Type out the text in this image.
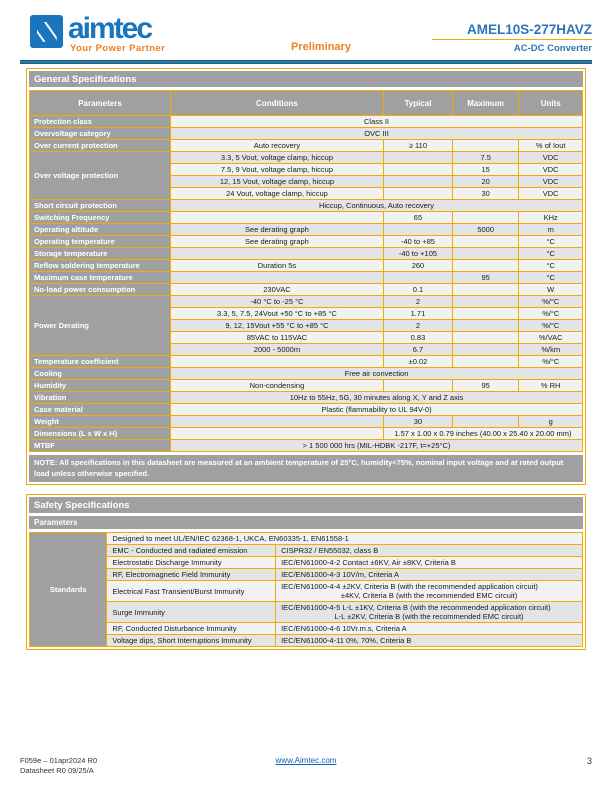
aimtec
Your Power Partner	Preliminary
AMEL10S-277HAVZ
AC-DC Converter
General Specifications
Parameters	Conditions	Typical	Maximum	Units
Protection class	Class II			
Overvoltage category	OVC III			
Over current protection	Auto recovery	≥ 110		% of Iout
Over voltage protection	3.3, 5 Vout, voltage clamp, hiccup		7.5	VDC
	7.5, 9 Vout, voltage clamp, hiccup		15	VDC
	12, 15 Vout, voltage clamp, hiccup		20	VDC
	24 Vout, voltage clamp, hiccup		30	VDC
Short circuit protection	Hiccup, Continuous, Auto recovery			
Switching Frequency		65		KHz
Operating altitude	See derating graph		5000	m
Operating temperature	See derating graph	-40 to +85		°C
Storage temperature		-40 to +105		°C
Reflow soldering temperature	Duration 5s	260		°C
Maximum case temperature			95	°C
No-load power consumption	230VAC	0.1		W
Power Derating	-40 °C to -25 °C	2		%/°C
	3.3, 5, 7.5, 24Vout +50 °C to +85 °C	1.71		%/°C
	9, 12, 15Vout +55 °C to +85 °C	2		%/°C
	85VAC to 115VAC	0.83		%/VAC
	2000 - 5000m	6.7		%/km
Temperature coefficient		±0.02		%/°C
Cooling	Free air convection			
Humidity	Non-condensing		95	% RH
Vibration	10Hz to 55Hz, 5G, 30 minutes along X, Y and Z axis			
Case material	Plastic (flammability to UL 94V-0)			
Weight		30		g
Dimensions (L x W x H)		1.57 x 1.00 x 0.79 inches (40.00 x 25.40 x 20.00 mm)		
MTBF	> 1 500 000 hrs (MIL-HDBK -217F, t=+25°C)			
NOTE: All specifications in this datasheet are measured at an ambient temperature of 25°C, humidity<75%, nominal input voltage and at rated output load unless otherwise specified.
Safety Specifications
Parameters
Standards	Designed to meet UL/EN/IEC 62368-1, UKCA, EN60335-1, EN61558-1	
	EMC - Conducted and radiated emission	CISPR32 / EN55032, class B
	Electrostatic Discharge Immunity	IEC/EN61000-4-2 Contact ±6KV, Air ±8KV, Criteria B
	RF, Electromagnetic Field Immunity	IEC/EN61000-4-3 10V/m, Criteria A
	Electrical Fast Transient/Burst Immunity	IEC/EN61000-4-4 ±2KV, Criteria B (with the recommended application circuit)
±4KV, Criteria B (with the recommended EMC circuit)

	Surge Immunity	IEC/EN61000-4-5 L-L ±1KV, Criteria B (with the recommended application circuit)
L-L ±2KV, Criteria B (with the recommended EMC circuit)

	RF, Conducted Disturbance Immunity	IEC/EN61000-4-6 10Vr.m.s, Criteria A
	Voltage dips, Short Interruptions Immunity	IEC/EN61000-4-11 0%, 70%, Criteria B
F059e – 01apr2024 R0
Datasheet R0 09/25/A
www.Aimtec.com	3
